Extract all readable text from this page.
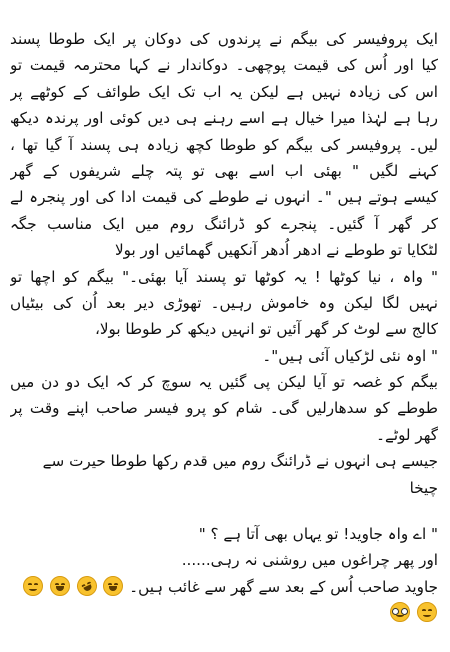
ایک پروفیسر کی بیگم نے پرندوں کی دوکان پر ایک طوطا پسند
کیا اور اُس کی قیمت پوچھی۔ دوکاندار نے کہا محترمہ قیمت تو
اس کی زیادہ نہیں ہے لیکن یہ اب تک ایک طوائف کے کوٹھے پر
رہا ہے لہٰذا میرا خیال ہے اسے رہنے ہی دیں کوئی اور پرندہ دیکھ
لیں۔ پروفیسر کی بیگم کو طوطا کچھ زیادہ ہی پسند آ گیا تھا ،
کہنے لگیں " بھئی اب اسے بھی تو پتہ چلے شریفوں کے گھر
کیسے ہوتے ہیں "۔ انہوں نے طوطے کی قیمت ادا کی اور پنجرہ لے
کر گھر آ گئیں۔ پنجرے کو ڈرائنگ روم میں ایک مناسب جگہ
لٹکایا تو طوطے نے ادھر اُدھر آنکھیں گھمائیں اور بولا
" واہ ، نیا کوٹھا ! یہ کوٹھا تو پسند آیا بھئی۔" بیگم کو اچھا تو
نہیں لگا لیکن وہ خاموش رہیں۔ تھوڑی دیر بعد اُن کی بیٹیاں
کالج سے لوٹ کر گھر آئیں تو انہیں دیکھ کر طوطا بولا،
" اوہ نئی لڑکیاں آئی ہیں"۔
بیگم کو غصہ تو آیا لیکن پی گئیں یہ سوچ کر کہ ایک دو دن میں
طوطے کو سدھارلیں گی۔ شام کو پرو فیسر صاحب اپنے وقت پر
گھر لوٹے۔
جیسے ہی انہوں نے ڈرائنگ روم میں قدم رکھا طوطا حیرت سے
چیخا
" اے واہ جاوید! تو یہاں بھی آتا ہے ؟ "
اور پھر چراغوں میں روشنی نہ رہی......
جاوید صاحب اُس کے بعد سے گھر سے غائب ہیں۔
